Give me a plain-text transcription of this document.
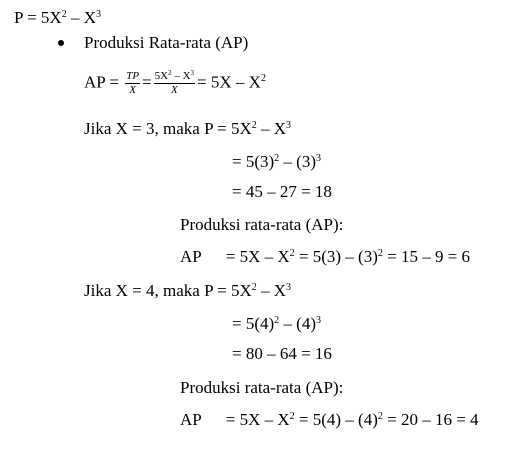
$P = 5X^2 - X^3$
Produksi Rata-rata (AP)
AP = $\frac{TP}{X} = \frac{5X^2 - X^3}{X} = 5X - X^2$
Jika X = 3, maka $P = 5X^2 - X^3$
= $5(3)^2 - (3)^3$
= 45 – 27 = 18
Produksi rata-rata (AP):
AP = $5X - X^2 = 5(3) - (3)^2 = 15 - 9 = 6$
Jika X = 4, maka $P = 5X^2 - X^3$
= $5(4)^2 - (4)^3$
= 80 – 64 = 16
Produksi rata-rata (AP):
AP = $5X - X^2 = 5(4) - (4)^2 = 20 - 16 = 4$
